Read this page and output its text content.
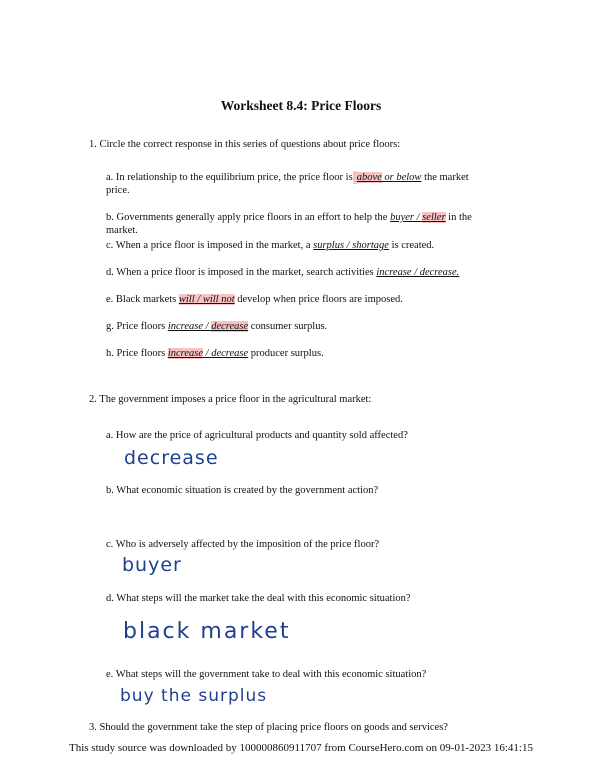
Worksheet 8.4: Price Floors
1. Circle the correct response in this series of questions about price floors:
a. In relationship to the equilibrium price, the price floor is above or below the market
price.
b. Governments generally apply price floors in an effort to help the buyer / seller in the
market.
c. When a price floor is imposed in the market, a surplus / shortage is created.
d. When a price floor is imposed in the market, search activities increase / decrease.
e. Black markets will / will not develop when price floors are imposed.
g. Price floors increase / decrease consumer surplus.
h. Price floors increase / decrease producer surplus.
2. The government imposes a price floor in the agricultural market:
a. How are the price of agricultural products and quantity sold affected?
decrease
b. What economic situation is created by the government action?
c. Who is adversely affected by the imposition of the price floor?
buyer
d. What steps will the market take the deal with this economic situation?
black market
e. What steps will the government take to deal with this economic situation?
buy the surplus
3. Should the government take the step of placing price floors on goods and services?
This study source was downloaded by 100000860911707 from CourseHero.com on 09-01-2023 16:41:15
